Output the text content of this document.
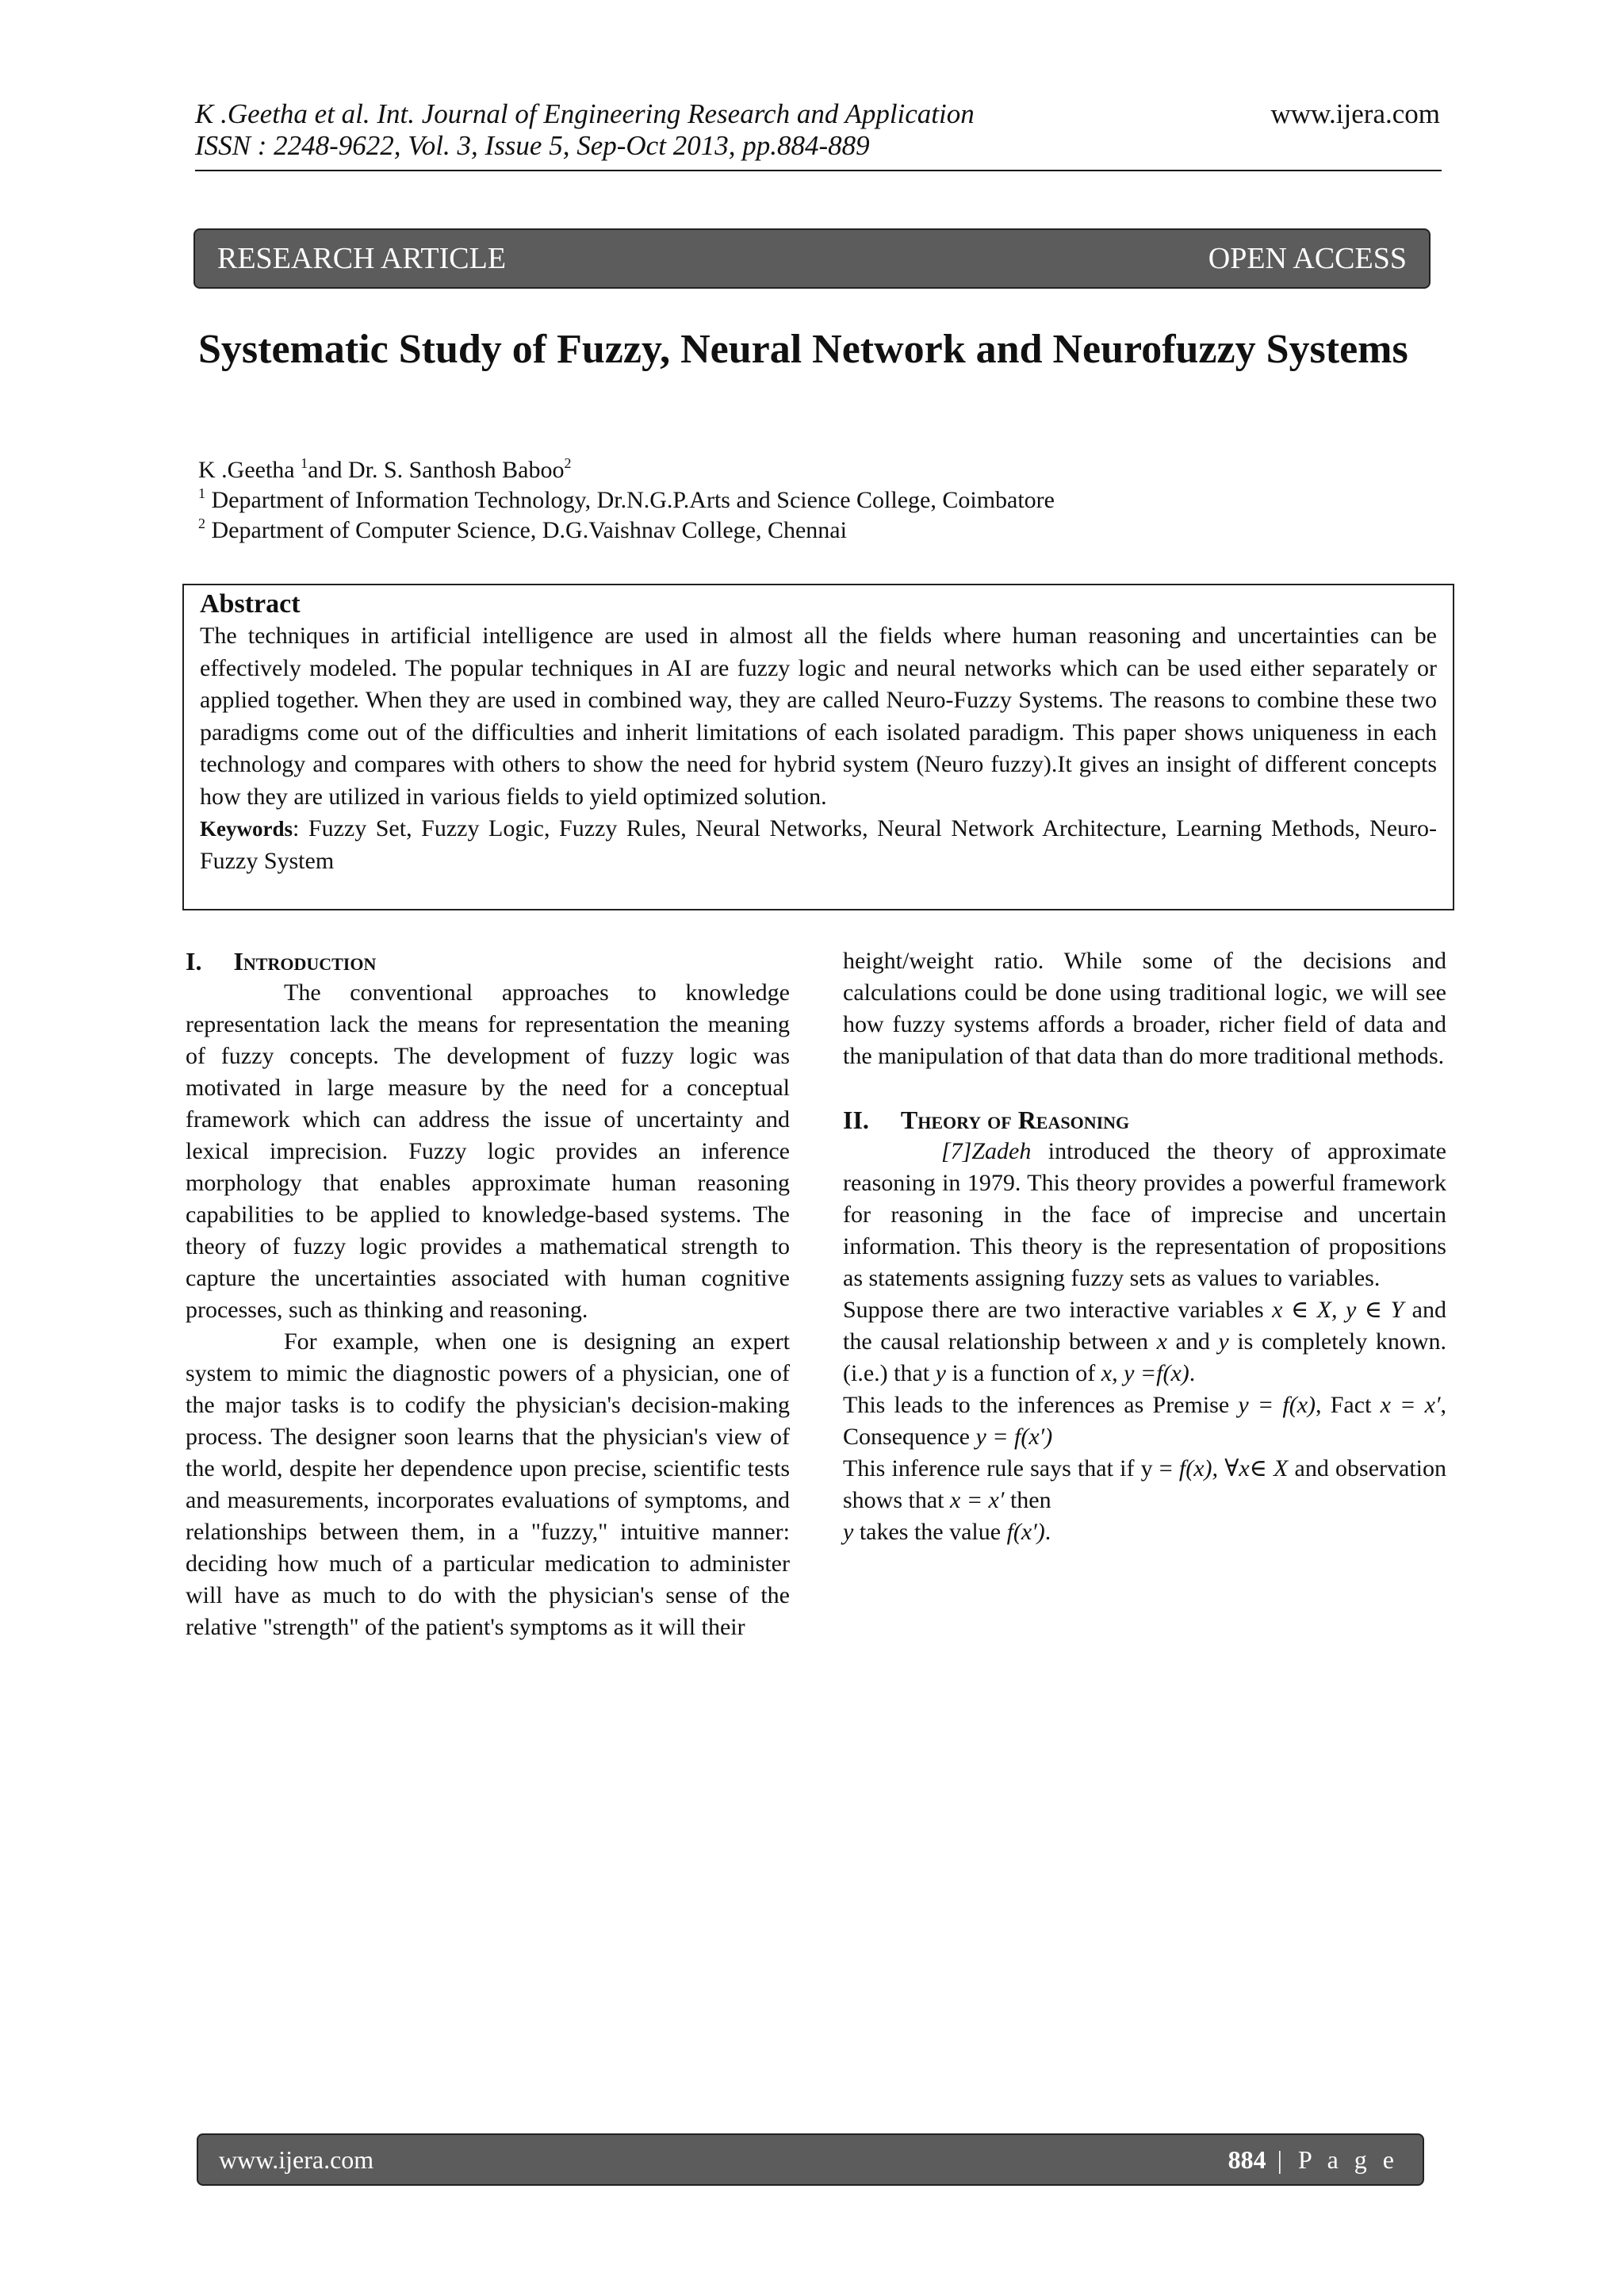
K .Geetha et al. Int. Journal of Engineering Research and Application	www.ijera.com
ISSN : 2248-9622, Vol. 3, Issue 5, Sep-Oct 2013, pp.884-889
RESEARCH ARTICLE	OPEN ACCESS
Systematic Study of Fuzzy, Neural Network and Neurofuzzy Systems

K .Geetha $^1$and Dr. S. Santhosh Baboo$^2$

$^1$ Department of Information Technology, Dr.N.G.P.Arts and Science College, Coimbatore

$^2$ Department of Computer Science, D.G.Vaishnav College, Chennai

Abstract

The techniques in artificial intelligence are used in almost all the fields where human reasoning and uncertainties can be effectively modeled. The popular techniques in AI are fuzzy logic and neural networks which can be used either separately or applied together. When they are used in combined way, they are called Neuro-Fuzzy Systems. The reasons to combine these two paradigms come out of the difficulties and inherit limitations of each isolated paradigm. This paper shows uniqueness in each technology and compares with others to show the need for hybrid system (Neuro fuzzy).It gives an insight of different concepts how they are utilized in various fields to yield optimized solution.

Keywords: Fuzzy Set, Fuzzy Logic, Fuzzy Rules, Neural Networks, Neural Network Architecture, Learning Methods, Neuro-Fuzzy System

I. Introduction

The conventional approaches to knowledge representation lack the means for representation the meaning of fuzzy concepts. The development of fuzzy logic was motivated in large measure by the need for a conceptual framework which can address the issue of uncertainty and lexical imprecision. Fuzzy logic provides an inference morphology that enables approximate human reasoning capabilities to be applied to knowledge-based systems. The theory of fuzzy logic provides a mathematical strength to capture the uncertainties associated with human cognitive processes, such as thinking and reasoning.

For example, when one is designing an expert system to mimic the diagnostic powers of a physician, one of the major tasks is to codify the physician's decision-making process. The designer soon learns that the physician's view of the world, despite her dependence upon precise, scientific tests and measurements, incorporates evaluations of symptoms, and relationships between them, in a "fuzzy," intuitive manner: deciding how much of a particular medication to administer will have as much to do with the physician's sense of the relative "strength" of the patient's symptoms as it will their

height/weight ratio. While some of the decisions and calculations could be done using traditional logic, we will see how fuzzy systems affords a broader, richer field of data and the manipulation of that data than do more traditional methods.

II. Theory of Reasoning

[7]Zadeh introduced the theory of approximate reasoning in 1979. This theory provides a powerful framework for reasoning in the face of imprecise and uncertain information. This theory is the representation of propositions as statements assigning fuzzy sets as values to variables.

Suppose there are two interactive variables x ∈ X, y ∈ Y and the causal relationship between x and y is completely known. (i.e.) that y is a function of x, y =f(x).

This leads to the inferences as Premise y = f(x), Fact x = x′, Consequence y = f(x′)

This inference rule says that if y = f(x), ∀x∈ X and observation shows that x = x′ then

y takes the value f(x′).

www.ijera.com	884 | P a g e
